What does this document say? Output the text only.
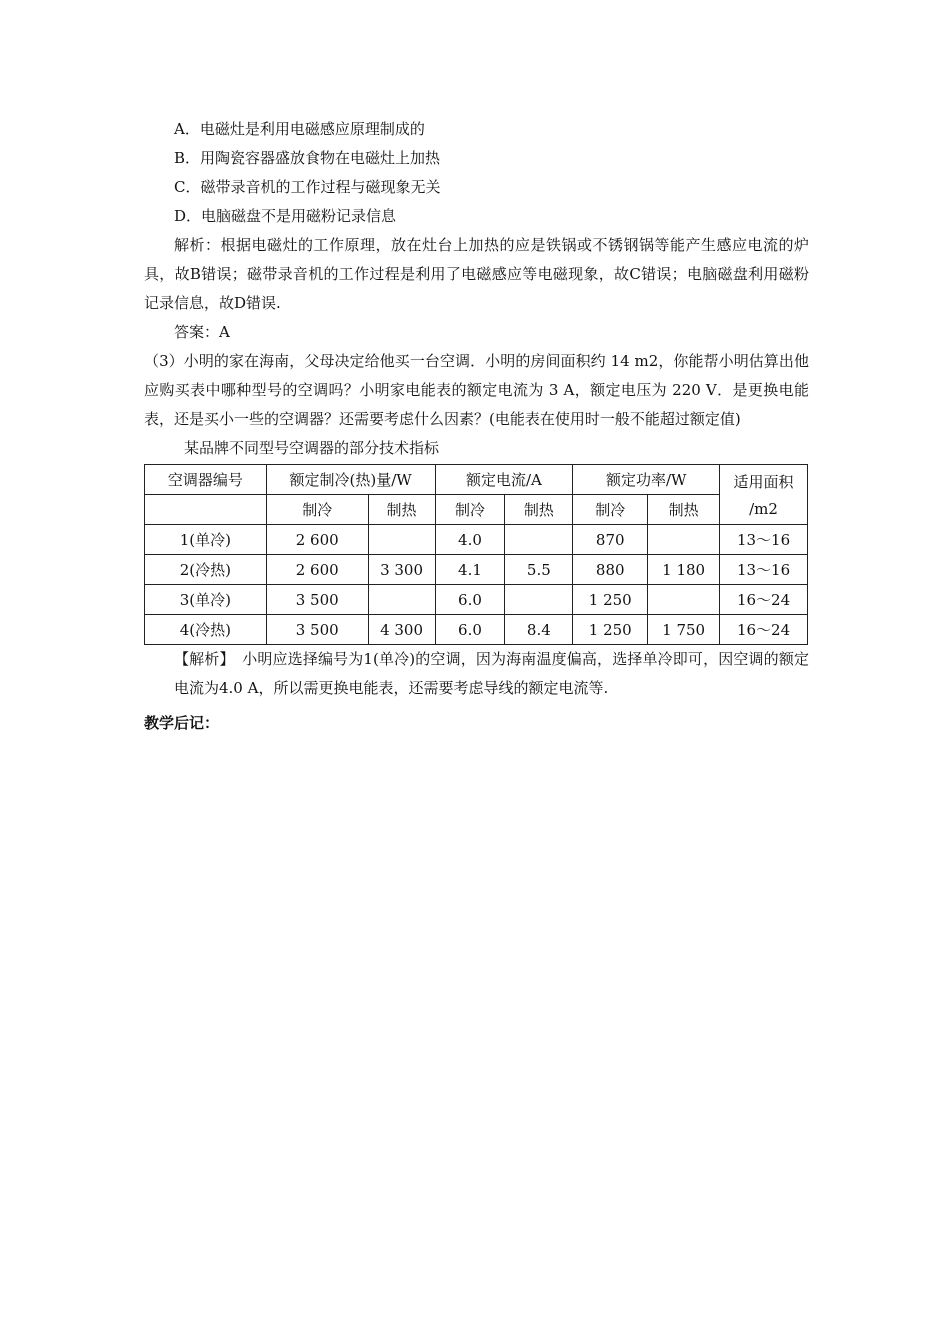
A．电磁灶是利用电磁感应原理制成的
B．用陶瓷容器盛放食物在电磁灶上加热
C．磁带录音机的工作过程与磁现象无关
D．电脑磁盘不是用磁粉记录信息
解析：根据电磁灶的工作原理，放在灶台上加热的应是铁锅或不锈钢锅等能产生感应电流的炉具，故B错误；磁带录音机的工作过程是利用了电磁感应等电磁现象，故C错误；电脑磁盘利用磁粉记录信息，故D错误.
答案：A
（3）小明的家在海南，父母决定给他买一台空调．小明的房间面积约 14 m2，你能帮小明估算出他应购买表中哪种型号的空调吗？小明家电能表的额定电流为 3 A，额定电压为 220 V．是更换电能表，还是买小一些的空调器？还需要考虑什么因素？(电能表在使用时一般不能超过额定值)
某品牌不同型号空调器的部分技术指标
空调器编号	额定制冷(热)量/W		额定电流/A		额定功率/W		适用面积
/m2

	制冷	制热	制冷	制热	制冷	制热	
1(单冷)	2 600		4.0		870		13～16
2(冷热)	2 600	3 300	4.1	5.5	880	1 180	13～16
3(单冷)	3 500		6.0		1 250		16～24
4(冷热)	3 500	4 300	6.0	8.4	1 250	1 750	16～24
【解析】　小明应选择编号为1(单冷)的空调，因为海南温度偏高，选择单冷即可，因空调的额定电流为4.0 A，所以需更换电能表，还需要考虑导线的额定电流等.
教学后记：
